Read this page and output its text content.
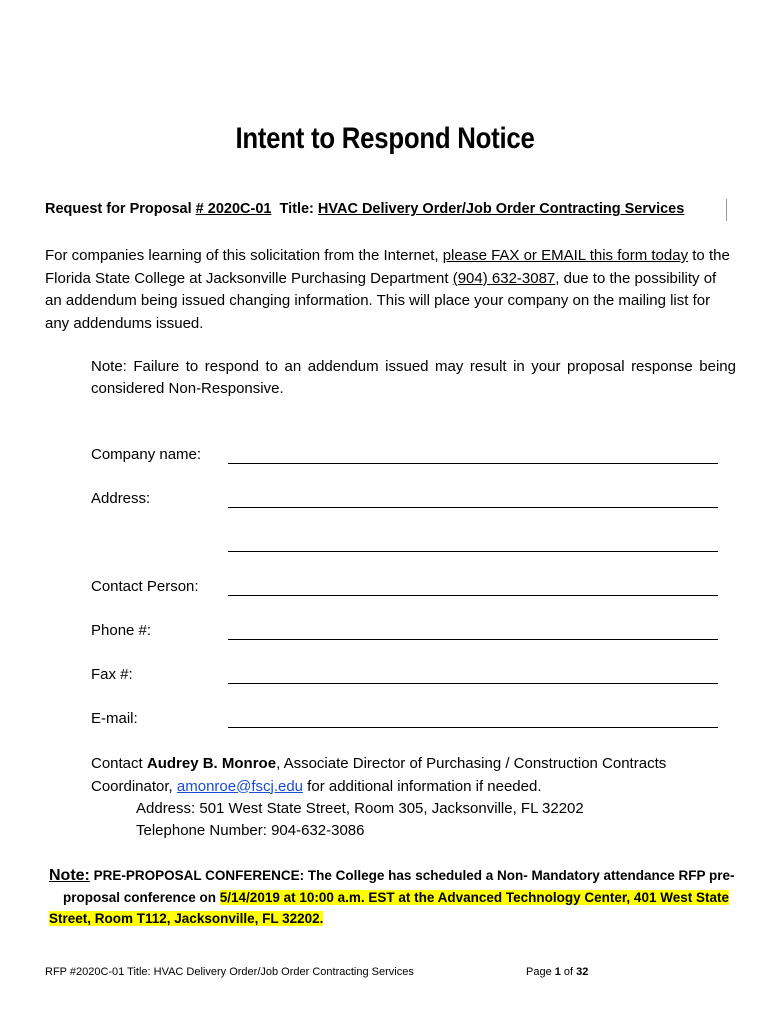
Intent to Respond Notice
Request for Proposal # 2020C-01  Title: HVAC Delivery Order/Job Order Contracting Services
For companies learning of this solicitation from the Internet, please FAX or EMAIL this form today to the Florida State College at Jacksonville Purchasing Department (904) 632-3087, due to the possibility of an addendum being issued changing information. This will place your company on the mailing list for any addendums issued.
Note: Failure to respond to an addendum issued may result in your proposal response being considered Non-Responsive.
Company name:
Address:
Contact Person:
Phone #:
Fax #:
E-mail:
Contact Audrey B. Monroe, Associate Director of Purchasing / Construction Contracts Coordinator, amonroe@fscj.edu for additional information if needed.
Address: 501 West State Street, Room 305, Jacksonville, FL 32202
Telephone Number: 904-632-3086
Note: PRE-PROPOSAL CONFERENCE: The College has scheduled a Non- Mandatory attendance RFP pre-
proposal conference on 5/14/2019 at 10:00 a.m. EST at the Advanced Technology Center, 401 West State Street, Room T112, Jacksonville, FL 32202.
RFP #2020C-01 Title: HVAC Delivery Order/Job Order Contracting Services	Page 1 of 32
